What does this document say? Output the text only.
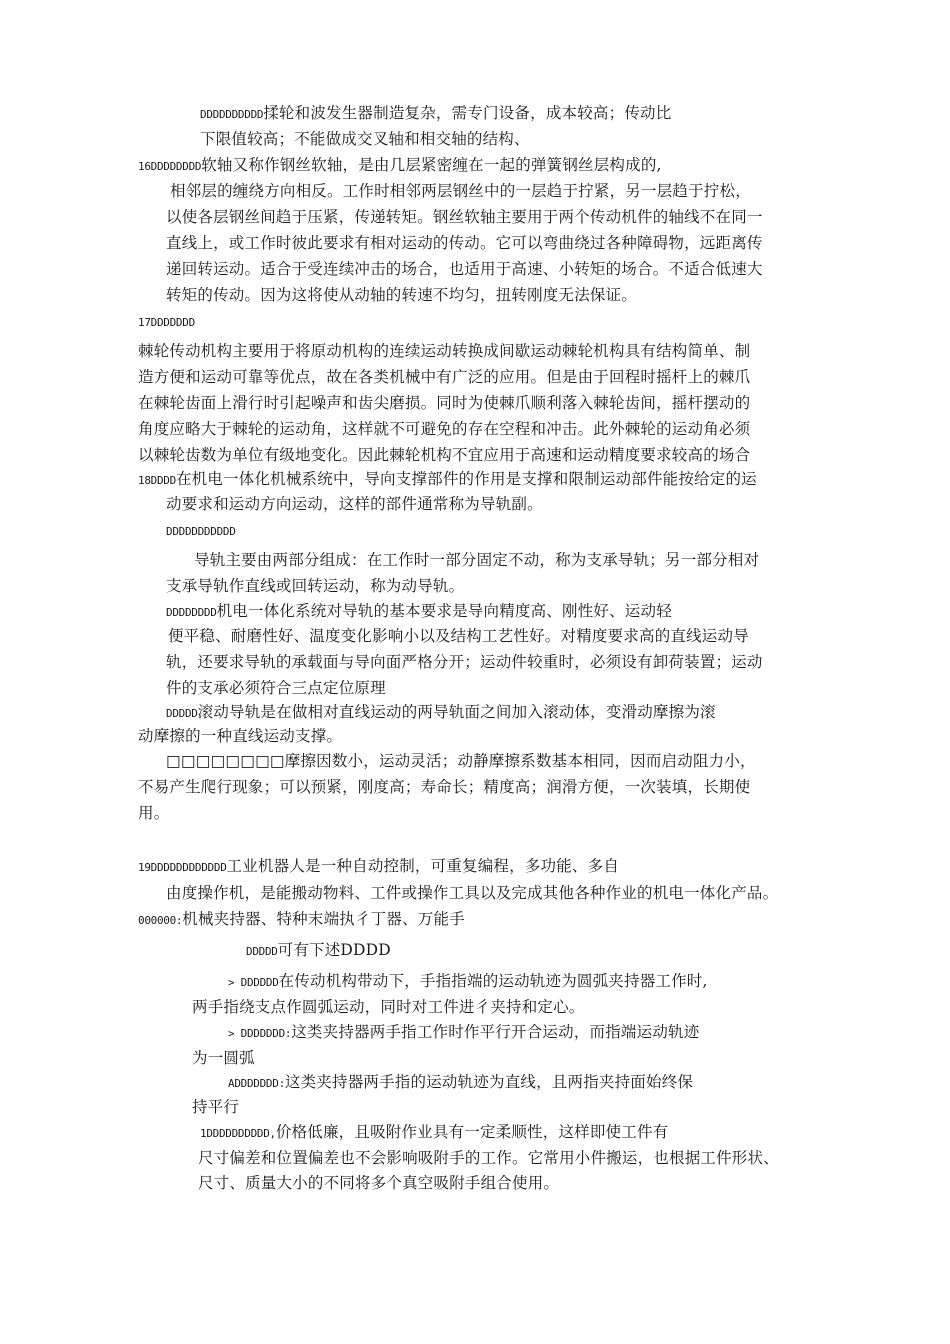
DDDDDDDDDD揉轮和波发生器制造复杂，需专门设备，成本较高；传动比
下限值较高；不能做成交叉轴和相交轴的结构、
16DDDDDDDD软轴又称作钢丝软轴，是由几层紧密缠在一起的弹簧钢丝层构成的,
相邻层的缠绕方向相反。工作时相邻两层钢丝中的一层趋于拧紧，另一层趋于拧松，
以使各层钢丝间趋于压紧，传递转矩。钢丝软轴主要用于两个传动机件的轴线不在同一
直线上，或工作时彼此要求有相对运动的传动。它可以弯曲绕过各种障碍物，远距离传
递回转运动。适合于受连续冲击的场合，也适用于高速、小转矩的场合。不适合低速大
转矩的传动。因为这将使从动轴的转速不均匀，扭转刚度无法保证。
17DDDDDDD
棘轮传动机构主要用于将原动机构的连续运动转换成间歇运动棘轮机构具有结构简单、制
造方便和运动可靠等优点，故在各类机械中有广泛的应用。但是由于回程时摇杆上的棘爪
在棘轮齿面上滑行时引起噪声和齿尖磨损。同时为使棘爪顺利落入棘轮齿间，摇杆摆动的
角度应略大于棘轮的运动角，这样就不可避免的存在空程和冲击。此外棘轮的运动角必须
以棘轮齿数为单位有级地变化。因此棘轮机构不宜应用于高速和运动精度要求较高的场合
18DDDD在机电一体化机械系统中，导向支撑部件的作用是支撑和限制运动部件能按给定的运
动要求和运动方向运动，这样的部件通常称为导轨副。
DDDDDDDDDDD
导轨主要由两部分组成：在工作时一部分固定不动，称为支承导轨；另一部分相对
支承导轨作直线或回转运动，称为动导轨。
DDDDDDDD机电一体化系统对导轨的基本要求是导向精度高、刚性好、运动轻
便平稳、耐磨性好、温度变化影响小以及结构工艺性好。对精度要求高的直线运动导
轨，还要求导轨的承载面与导向面严格分开；运动件较重时，必须设有卸荷装置；运动
件的支承必须符合三点定位原理
DDDDD滚动导轨是在做相对直线运动的两导轨面之间加入滚动体，变滑动摩擦为滚
动摩擦的一种直线运动支撑。
□□□□□□□□摩擦因数小，运动灵活；动静摩擦系数基本相同，因而启动阻力小，
不易产生爬行现象；可以预紧，刚度高；寿命长；精度高；润滑方便，一次装填，长期使
用。
19DDDDDDDDDDDD工业机器人是一种自动控制，可重复编程，多功能、多自
由度操作机，是能搬动物料、工件或操作工具以及完成其他各种作业的机电一体化产品。
000000:机械夹持器、特种末端执彳丁器、万能手
DDDDD可有下述DDDD
> DDDDDD在传动机构带动下，手指指端的运动轨迹为圆弧夹持器工作时,
两手指绕支点作圆弧运动，同时对工件进彳夹持和定心。
> DDDDDDD:这类夹持器两手指工作时作平行开合运动，而指端运动轨迹
为一圆弧
ADDDDDDD:这类夹持器两手指的运动轨迹为直线，且两指夹持面始终保
持平行
1DDDDDDDDDD,价格低廉，且吸附作业具有一定柔顺性，这样即使工件有
尺寸偏差和位置偏差也不会影响吸附手的工作。它常用小件搬运，也根据工件形状、
尺寸、质量大小的不同将多个真空吸附手组合使用。
